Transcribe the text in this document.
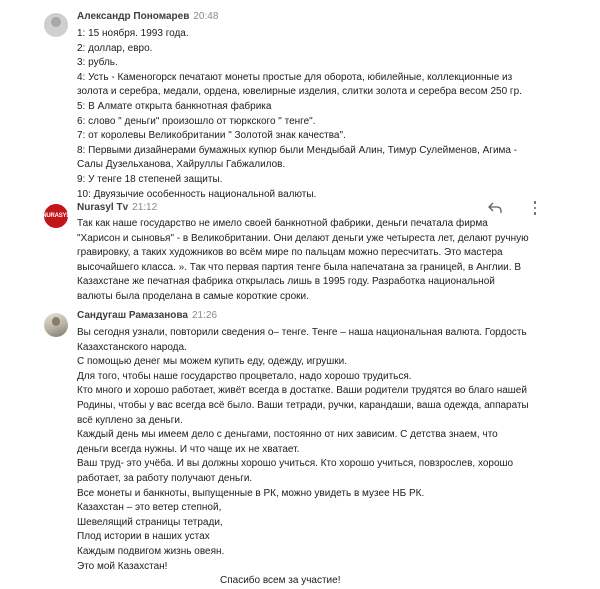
Александр Пономарев 20:48
1: 15 ноября. 1993 года.
2: доллар, евро.
3: рубль.
4: Усть - Каменогорск печатают монеты простые для оборота, юбилейные, коллекционные из
золота и серебра, медали, ордена, ювелирные изделия, слитки золота и серебра весом 250 гр.
5: В Алмате открыта банкнотная фабрика
6: слово " деньги" произошло от тюркского " тенге".
7: от королевы Великобритании " Золотой знак качества".
8: Первыми дизайнерами бумажных купюр были Мендыбай Алин, Тимур Сулейменов, Агима -
Салы Дузельханова, Хайруллы Габжалилов.
9: У тенге 18 степеней защиты.
10: Двуязычие особенность национальной валюты.
NURASYL
Nurasyl Tv 21:12
Так как наше государство не имело своей банкнотной фабрики, деньги печатала фирма
"Харисон и сыновья" - в Великобритании. Они делают деньги уже четыреста лет, делают ручную
гравировку, а таких художников во всём мире по пальцам можно пересчитать. Это мастера
высочайшего класса. ». Так что первая партия тенге была напечатана за границей, в Англии. В
Казахстане же печатная фабрика открылась лишь в 1995 году. Разработка национальной
валюты была проделана в самые короткие сроки.
Сандугаш Рамазанова 21:26
Вы сегодня узнали, повторили сведения о– тенге. Тенге – наша национальная валюта. Гордость
Казахстанского народа.
С помощью денег мы можем купить еду, одежду, игрушки.
Для того, чтобы наше государство процветало, надо хорошо трудиться.
Кто много и хорошо работает, живёт всегда в достатке. Ваши родители трудятся во благо нашей
Родины, чтобы у вас всегда всё было. Ваши тетради, ручки, карандаши, ваша одежда, аппараты
всё куплено за деньги.
Каждый день мы имеем дело с деньгами, постоянно от них зависим. С детства знаем, что
деньги всегда нужны. И что чаще их не хватает.
Ваш труд- это учёба. И вы должны хорошо учиться. Кто хорошо учиться, повзрослев, хорошо
работает, за работу получают деньги.
Все монеты и банкноты, выпущенные в РК, можно увидеть в музее НБ РК.
Казахстан – это ветер степной,
Шевелящий страницы тетради,
Плод истории в наших устах
Каждым подвигом жизнь овеян.
Это мой Казахстан!
Спасибо всем за участие!
